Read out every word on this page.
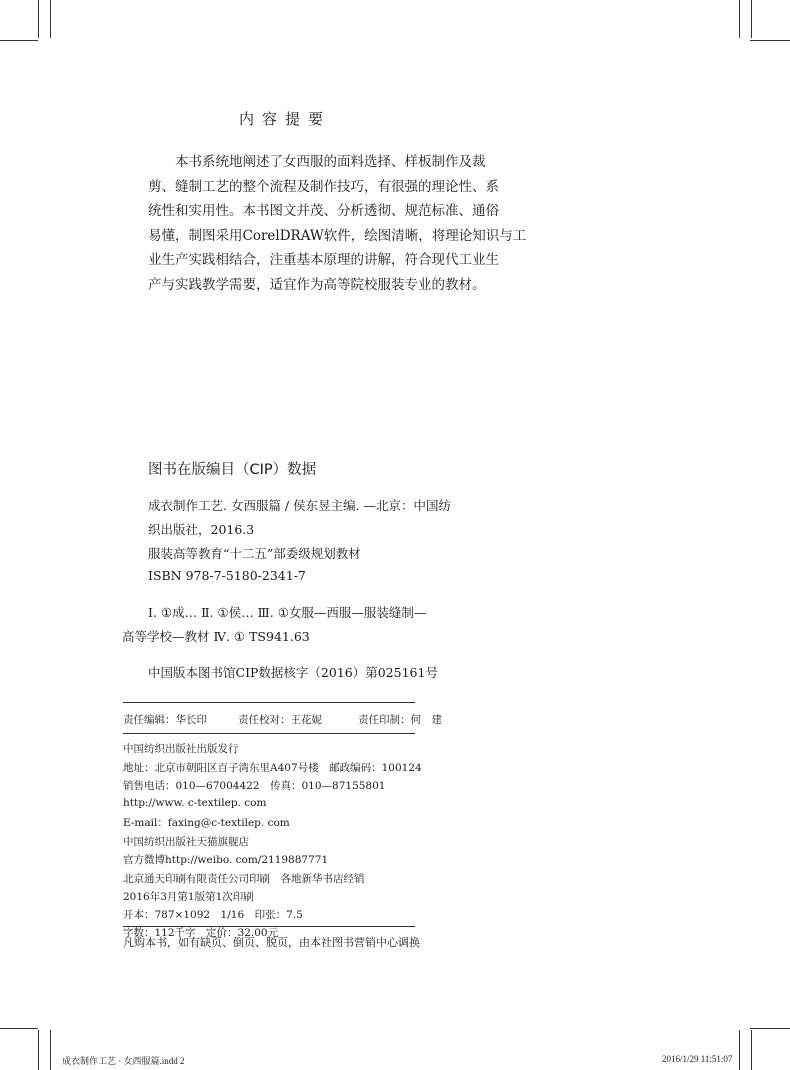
内容提要
　　本书系统地阐述了女西服的面料选择、样板制作及裁
剪、缝制工艺的整个流程及制作技巧，有很强的理论性、系
统性和实用性。本书图文并茂、分析透彻、规范标准、通俗
易懂，制图采用CorelDRAW软件，绘图清晰，将理论知识与工
业生产实践相结合，注重基本原理的讲解，符合现代工业生
产与实践教学需要，适宜作为高等院校服装专业的教材。
图书在版编目（CIP）数据
成衣制作工艺. 女西服篇 / 侯东昱主编. —北京：中国纺
织出版社，2016.3
服装高等教育“十二五”部委级规划教材
ISBN 978-7-5180-2341-7
Ⅰ. ①成… Ⅱ. ①侯… Ⅲ. ①女服—西服—服装缝制—
高等学校—教材 Ⅳ. ① TS941.63
中国版本图书馆CIP数据核字（2016）第025161号
责任编辑：华长印	责任校对：王花妮	责任印制：何　建
中国纺织出版社出版发行
地址：北京市朝阳区百子湾东里A407号楼　邮政编码：100124
销售电话：010—67004422　传真：010—87155801
http://www. c-textilep. com
E-mail：faxing@c-textilep. com
中国纺织出版社天猫旗舰店
官方微博http://weibo. com/2119887771
北京通天印刷有限责任公司印刷　各地新华书店经销
2016年3月第1版第1次印刷
开本：787×1092　1/16　印张：7.5
字数：112千字　定价：32.00元
凡购本书，如有缺页、倒页、脱页，由本社图书营销中心调换
成衣制作工艺 · 女西服篇.indd 2	2016/1/29 11:51:07
